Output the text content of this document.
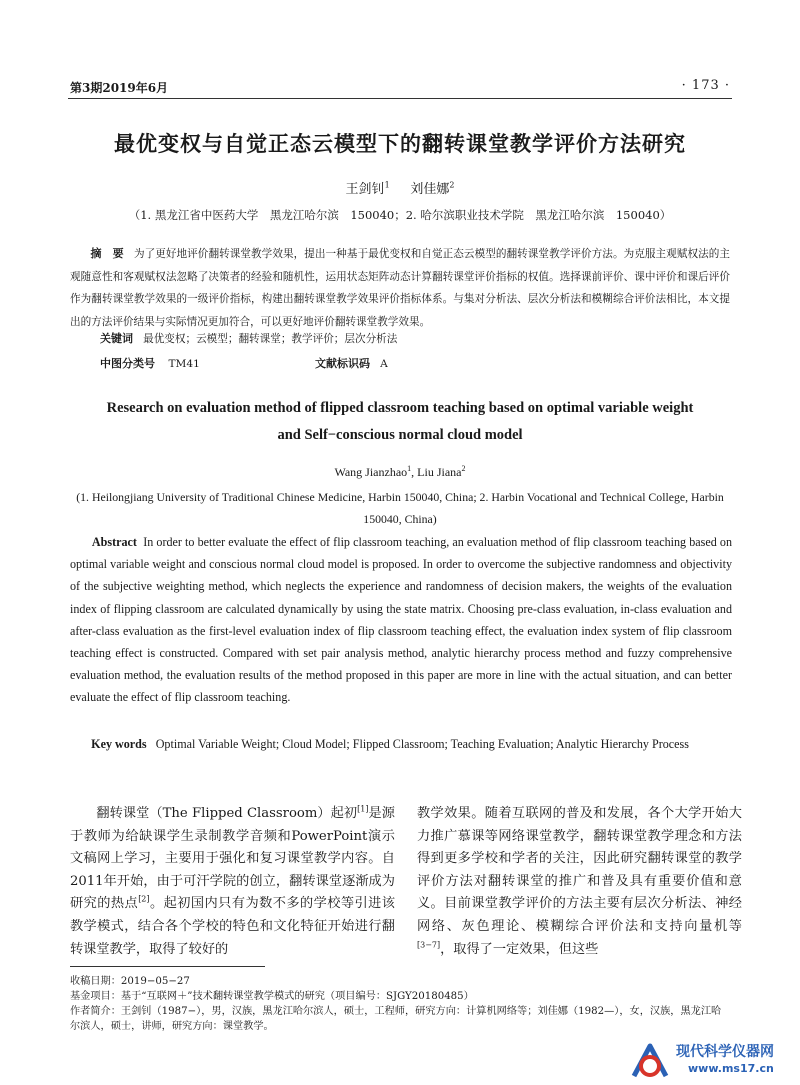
第3期2019年6月	· 173 ·
最优变权与自觉正态云模型下的翻转课堂教学评价方法研究
王剑钊$^1$ 刘佳娜$^2$
（1. 黑龙江省中医药大学　黑龙江哈尔滨　150040；2. 哈尔滨职业技术学院　黑龙江哈尔滨　150040）
摘　要 为了更好地评价翻转课堂教学效果，提出一种基于最优变权和自觉正态云模型的翻转课堂教学评价方法。为克服主观赋权法的主观随意性和客观赋权法忽略了决策者的经验和随机性，运用状态矩阵动态计算翻转课堂评价指标的权值。选择课前评价、课中评价和课后评价作为翻转课堂教学效果的一级评价指标，构建出翻转课堂教学效果评价指标体系。与集对分析法、层次分析法和模糊综合评价法相比，本文提出的方法评价结果与实际情况更加符合，可以更好地评价翻转课堂教学效果。
关键词 最优变权；云模型；翻转课堂；教学评价；层次分析法
中图分类号 TM41	文献标识码 A
Research on evaluation method of flipped classroom teaching based on optimal variable weight
and Self−conscious normal cloud model
Wang Jianzhao$^1$, Liu Jiana$^2$
(1. Heilongjiang University of Traditional Chinese Medicine, Harbin 150040, China; 2. Harbin Vocational and Technical College, Harbin 150040, China)
Abstract In order to better evaluate the effect of flip classroom teaching, an evaluation method of flip classroom teaching based on optimal variable weight and conscious normal cloud model is proposed. In order to overcome the subjective randomness and objectivity of the subjective weighting method, which neglects the experience and randomness of decision makers, the weights of the evaluation index of flipping classroom are calculated dynamically by using the state matrix. Choosing pre-class evaluation, in-class evaluation and after-class evaluation as the first-level evaluation index of flip classroom teaching effect, the evaluation index system of flip classroom teaching effect is constructed. Compared with set pair analysis method, analytic hierarchy process method and fuzzy comprehensive evaluation method, the evaluation results of the method proposed in this paper are more in line with the actual situation, and can better evaluate the effect of flip classroom teaching.
Key words Optimal Variable Weight; Cloud Model; Flipped Classroom; Teaching Evaluation; Analytic Hierarchy Process
翻转课堂（The Flipped Classroom）起初[1]是源于教师为给缺课学生录制教学音频和PowerPoint演示文稿网上学习，主要用于强化和复习课堂教学内容。自2011年开始，由于可汗学院的创立，翻转课堂逐渐成为研究的热点[2]。起初国内只有为数不多的学校等引进该教学模式，结合各个学校的特色和文化特征开始进行翻转课堂教学，取得了较好的
教学效果。随着互联网的普及和发展，各个大学开始大力推广慕课等网络课堂教学，翻转课堂教学理念和方法得到更多学校和学者的关注，因此研究翻转课堂的教学评价方法对翻转课堂的推广和普及具有重要价值和意义。目前课堂教学评价的方法主要有层次分析法、神经网络、灰色理论、模糊综合评价法和支持向量机等[3−7]，取得了一定效果，但这些
收稿日期：2019−05−27
基金项目：基于“互联网＋”技术翻转课堂教学模式的研究（项目编号：SJGY20180485）
作者简介：王剑钊（1987−），男，汉族，黑龙江哈尔滨人，硕士，工程师，研究方向：计算机网络等；刘佳娜（1982—），女，汉族，黑龙江哈尔滨人，硕士，讲师，研究方向：课堂教学。
现代科学仪器网
www.ms17.cn
